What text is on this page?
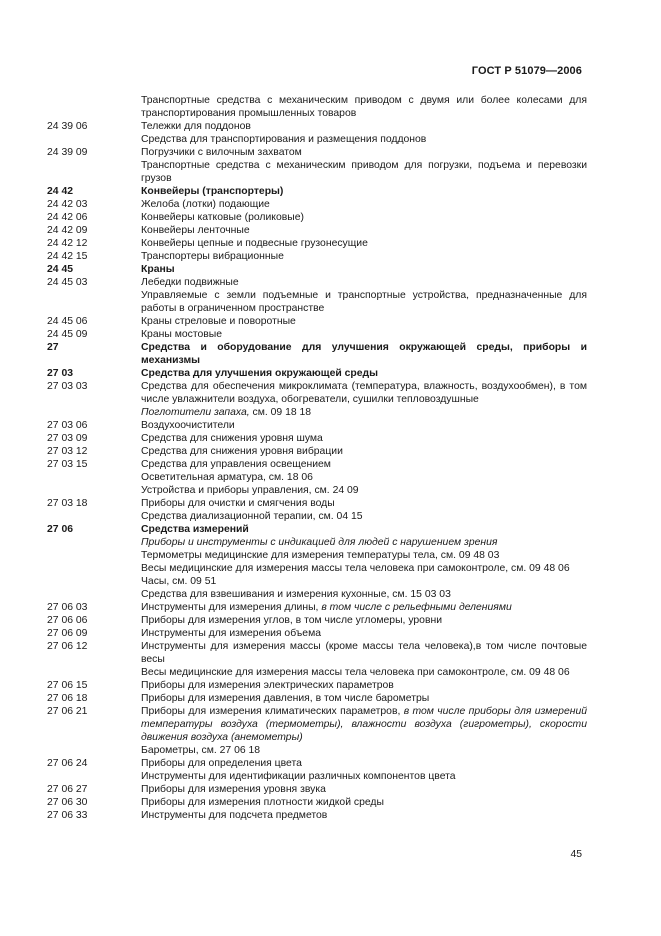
ГОСТ Р 51079—2006
Транспортные средства с механическим приводом с двумя или более колесами для транспортирования промышленных товаров
24 39 06	Тележки для поддонов
Средства для транспортирования и размещения поддонов
24 39 09	Погрузчики с вилочным захватом
Транспортные средства с механическим приводом для погрузки, подъема и перевозки грузов
24 42	Конвейеры (транспортеры)
24 42 03	Желоба (лотки) подающие
24 42 06	Конвейеры катковые (роликовые)
24 42 09	Конвейеры ленточные
24 42 12	Конвейеры цепные и подвесные грузонесущие
24 42 15	Транспортеры вибрационные
24 45	Краны
24 45 03	Лебедки подвижные
Управляемые с земли подъемные и транспортные устройства, предназначенные для работы в ограниченном пространстве
24 45 06	Краны стреловые и поворотные
24 45 09	Краны мостовые
27	Средства и оборудование для улучшения окружающей среды, приборы и механизмы
27 03	Средства для улучшения окружающей среды
27 03 03	Средства для обеспечения микроклимата (температура, влажность, воздухообмен), в том числе увлажнители воздуха, обогреватели, сушилки тепловоздушные
Поглотители запаха, см. 09 18 18
27 03 06	Воздухоочистители
27 03 09	Средства для снижения уровня шума
27 03 12	Средства для снижения уровня вибрации
27 03 15	Средства для управления освещением
Осветительная арматура, см. 18 06
Устройства и приборы управления, см. 24 09
27 03 18	Приборы для очистки и смягчения воды
Средства диализационной терапии, см. 04 15
27 06	Средства измерений
Приборы и инструменты с индикацией для людей с нарушением зрения
Термометры медицинские для измерения температуры тела, см. 09 48 03
Весы медицинские для измерения массы тела человека при самоконтроле, см. 09 48 06
Часы, см. 09 51
Средства для взвешивания и измерения кухонные, см. 15 03 03
27 06 03	Инструменты для измерения длины, в том числе с рельефными делениями
27 06 06	Приборы для измерения углов, в том числе угломеры, уровни
27 06 09	Инструменты для измерения объема
27 06 12	Инструменты для измерения массы (кроме массы тела человека),в том числе почтовые весы
Весы медицинские для измерения массы тела человека при самоконтроле, см. 09 48 06
27 06 15	Приборы для измерения электрических параметров
27 06 18	Приборы для измерения давления, в том числе барометры
27 06 21	Приборы для измерения климатических параметров, в том числе приборы для измерений температуры воздуха (термометры), влажности воздуха (гигрометры), скорости движения воздуха (анемометры)
Барометры, см. 27 06 18
27 06 24	Приборы для определения цвета
Инструменты для идентификации различных компонентов цвета
27 06 27	Приборы для измерения уровня звука
27 06 30	Приборы для измерения плотности жидкой среды
27 06 33	Инструменты для подсчета предметов
45
